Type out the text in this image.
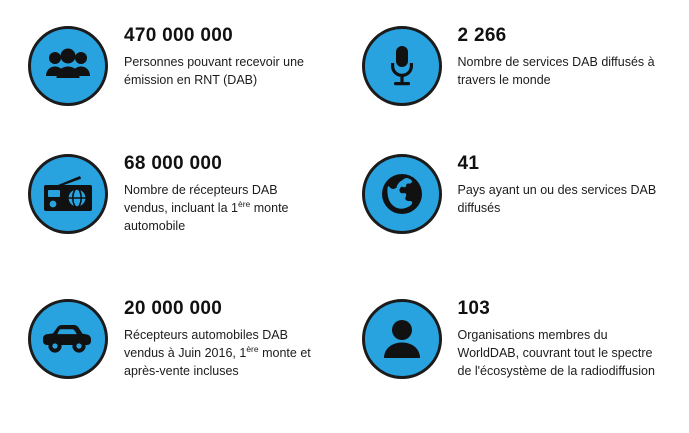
470 000 000
Personnes pouvant recevoir une émission en RNT (DAB)
2 266
Nombre de services DAB diffusés à travers le monde
68 000 000
Nombre de récepteurs DAB vendus, incluant la 1ère monte automobile
41
Pays ayant un ou des services DAB diffusés
20 000 000
Récepteurs automobiles DAB vendus à Juin 2016, 1ère monte et après-vente incluses
103
Organisations membres du WorldDAB, couvrant tout le spectre de l'écosystème de la radiodiffusion
